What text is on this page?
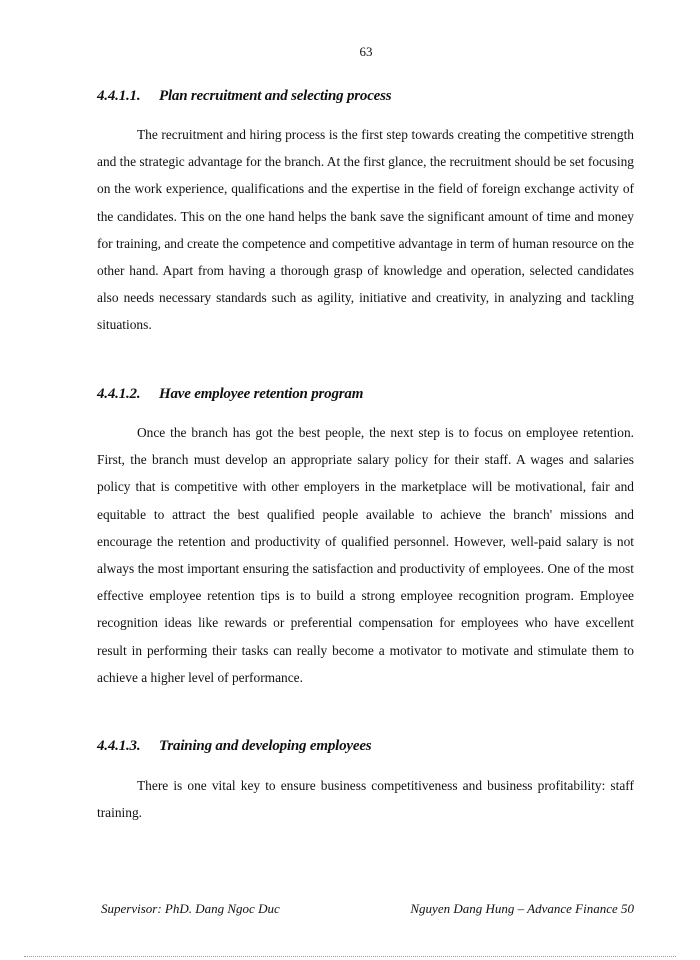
63
4.4.1.1. Plan recruitment and selecting process

The recruitment and hiring process is the first step towards creating the competitive strength and the strategic advantage for the branch. At the first glance, the recruitment should be set focusing on the work experience, qualifications and the expertise in the field of foreign exchange activity of the candidates. This on the one hand helps the bank save the significant amount of time and money for training, and create the competence and competitive advantage in term of human resource on the other hand. Apart from having a thorough grasp of knowledge and operation, selected candidates also needs necessary standards such as agility, initiative and creativity, in analyzing and tackling situations.

4.4.1.2. Have employee retention program

Once the branch has got the best people, the next step is to focus on employee retention. First, the branch must develop an appropriate salary policy for their staff. A wages and salaries policy that is competitive with other employers in the marketplace will be motivational, fair and equitable to attract the best qualified people available to achieve the branch' missions and encourage the retention and productivity of qualified personnel. However, well-paid salary is not always the most important ensuring the satisfaction and productivity of employees. One of the most effective employee retention tips is to build a strong employee recognition program. Employee recognition ideas like rewards or preferential compensation for employees who have excellent result in performing their tasks can really become a motivator to motivate and stimulate them to achieve a higher level of performance.

4.4.1.3. Training and developing employees

There is one vital key to ensure business competitiveness and business profitability: staff training.

Supervisor: PhD. Dang Ngoc Duc	Nguyen Dang Hung – Advance Finance 50
